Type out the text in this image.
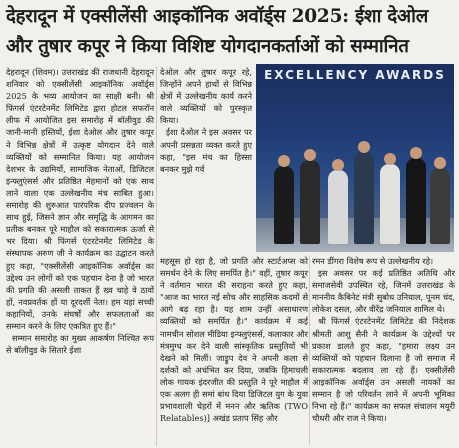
देहरादून में एक्सीलेंसी आइकॉनिक अवॉर्ड्स 2025: ईशा देओल और तुषार कपूर ने किया विशिष्ट योगदानकर्ताओं को सम्मानित

देहरादून (शिवम)। उत्तराखंड की राजधानी देहरादून शनिवार को एक्सीलेंसी आइकॉनिक अवॉर्ड्स 2025 के भव्य आयोजन का साक्षी बनी। श्री फिंगर्स एंटरटेनमेंट लिमिटेड द्वारा होटल सफरॉन लीफ में आयोजित इस समारोह में बॉलीवुड की जानी-मानी हस्तियों, ईशा देओल और तुषार कपूर ने विभिन्न क्षेत्रों में उत्कृष्ट योगदान देने वाले व्यक्तियों को सम्मानित किया। यह आयोजन देशभर के उद्यमियों, सामाजिक नेताओं, डिजिटल इन्फ्लुएंसर्स और प्रतिष्ठित मेहमानों को एक साथ लाने वाला एक उल्लेखनीय मंच साबित हुआ। समारोह की शुरुआत पारंपरिक दीप प्रज्वलन के साथ हुई, जिसने ज्ञान और समृद्धि के आगमन का प्रतीक बनकर पूरे माहौल को सकारात्मक ऊर्जा से भर दिया। श्री फिंगर्स एंटरटेनमेंट लिमिटेड के संस्थापक अरुण जी ने कार्यक्रम का उद्घाटन करते हुए कहा, "एक्सीलेंसी आइकॉनिक अवॉर्ड्स का उद्देश्य उन लोगों को एक पहचान देना है जो भारत की प्रगति की असली ताकत हैं ख्व चाहे वे ठावों हों, नवप्रवर्तक हों या दूरदर्शी नेता। हम यहां सच्ची कहानियों, उनके संघर्षों और सफलताओं का सम्मान करने के लिए एकत्रित हुए हैं।"

सम्मान समारोह का मुख्य आकर्षण निश्चित रूप से बॉलीवुड के सितारे ईशा

देओल और तुषार कपूर रहे, जिन्होंने अपने हाथों से विभिन्न क्षेत्रों में उल्लेखनीय कार्य करने वाले व्यक्तियों को पुरस्कृत किया।

ईशा देओल ने इस अवसर पर अपनी प्रसन्नता व्यक्त करते हुए कहा, "इस मंच का हिस्सा बनकर मुझे गर्व

EXCELLENCY AWARDS

महसूस हो रहा है, जो प्रगति और स्टार्टअप्स को समर्थन देने के लिए समर्पित है।" वहीं, तुषार कपूर ने वर्तमान भारत की सराहना करते हुए कहा, "आज का भारत नई सोच और साहसिक कदमों से आगे बढ़ रहा है। यह शाम उन्हीं असाधारण व्यक्तियों को समर्पित है।" कार्यक्रम में कई नामचीन सोशल मीडिया इन्फ्लुएंसर्स, कलाकार और मंत्रमुग्ध कर देने वाली सांस्कृतिक प्रस्तुतियों भी देखने को मिलीं। जाड्रूप देव ने अपनी कला से दर्शकों को अचंभित कर दिया, जबकि हिमाचली लोक गायक इंदरजीत की प्रस्तुति ने पूरे माहौल में एक अलग ही समां बांध दिया डिजिटल युग के युवा प्रभावशाली चेहरों में मनन और ऋतिक (TWO Relatables)] अखंड प्रताप सिंह और

रमन डींगरा विशेष रूप से उल्लेखनीय रहे।

इस अवसर पर कई प्रतिष्ठित अतिथि और समाजसेवी उपस्थित रहे, जिनमें उत्तराखंड के माननीय कैबिनेट मंत्री सुबोध उनियाल, पूनम चंद, लोकेश दसल, और वीरेंद्र जनियाल शामिल थे।

श्री फिंगर्स एंटरटेनमेंट लिमिटेड की निदेशक श्रीमती आशु सैनी ने कार्यक्रम के उद्देश्यों पर प्रकाश डालते हुए कहा, "हमारा लक्ष्य उन व्यक्तियों को पहचान दिलाना है जो समाज में सकारात्मक बदलाव ला रहे हैं। एक्सीलेंसी आइकॉनिक अवॉर्ड्स उन असली नायकों का सम्मान है जो परिवर्तन लाने में अपनी भूमिका निभा रहे हैं।" कार्यक्रम का सफल संचालन मयूरी चौधरी और राज ने किया।
